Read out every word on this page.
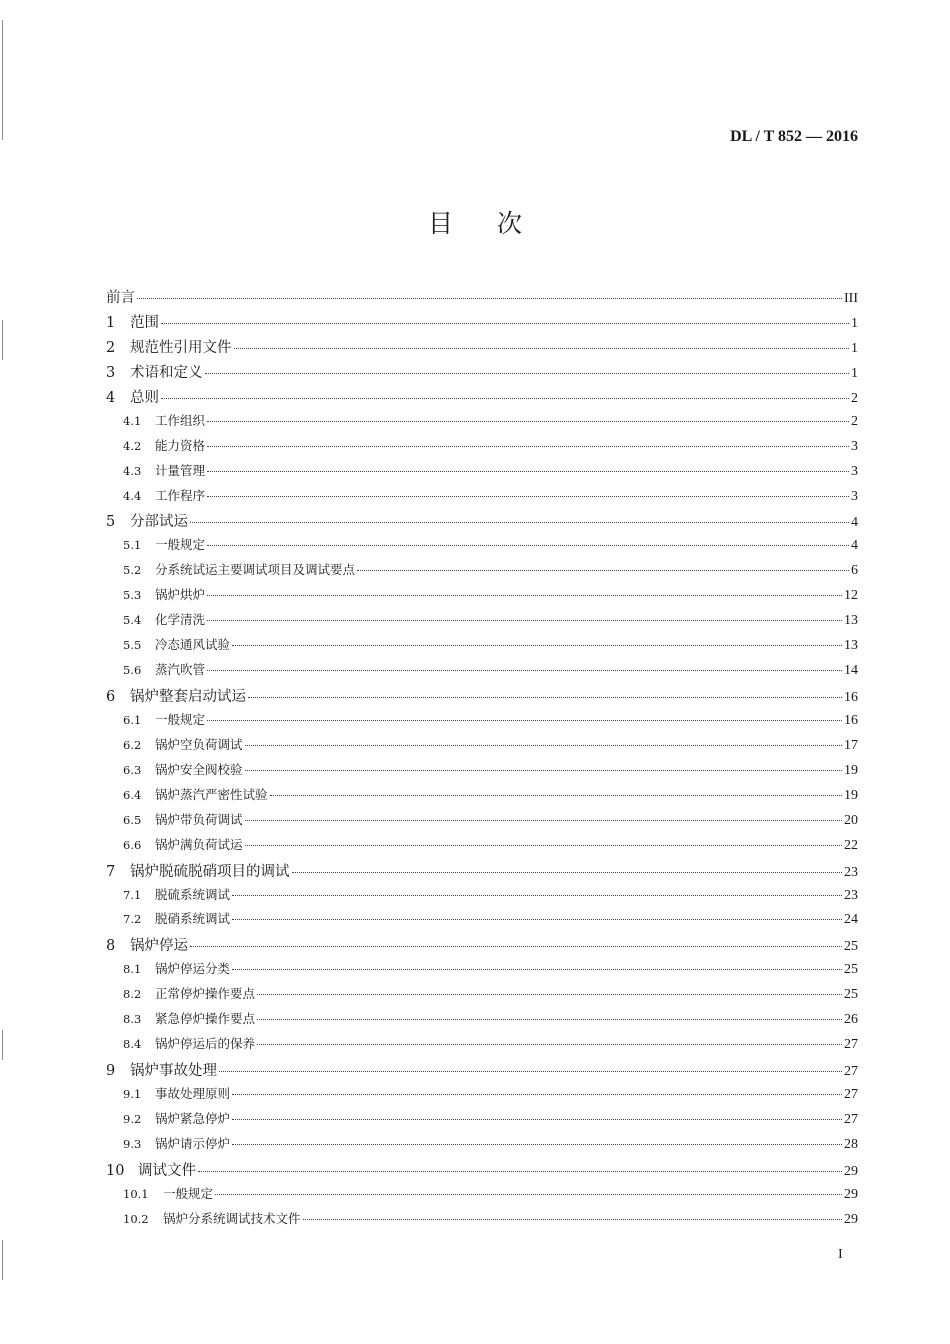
DL / T 852 — 2016
目次
前言	III
1	范围	1
2	规范性引用文件	1
3	术语和定义	1
4	总则	2
4.1	工作组织	2
4.2	能力资格	3
4.3	计量管理	3
4.4	工作程序	3
5	分部试运	4
5.1	一般规定	4
5.2	分系统试运主要调试项目及调试要点	6
5.3	锅炉烘炉	12
5.4	化学清洗	13
5.5	冷态通风试验	13
5.6	蒸汽吹管	14
6	锅炉整套启动试运	16
6.1	一般规定	16
6.2	锅炉空负荷调试	17
6.3	锅炉安全阀校验	19
6.4	锅炉蒸汽严密性试验	19
6.5	锅炉带负荷调试	20
6.6	锅炉满负荷试运	22
7	锅炉脱硫脱硝项目的调试	23
7.1	脱硫系统调试	23
7.2	脱硝系统调试	24
8	锅炉停运	25
8.1	锅炉停运分类	25
8.2	正常停炉操作要点	25
8.3	紧急停炉操作要点	26
8.4	锅炉停运后的保养	27
9	锅炉事故处理	27
9.1	事故处理原则	27
9.2	锅炉紧急停炉	27
9.3	锅炉请示停炉	28
10 调试文件	29
10.1	一般规定	29
10.2	锅炉分系统调试技术文件	29
I
